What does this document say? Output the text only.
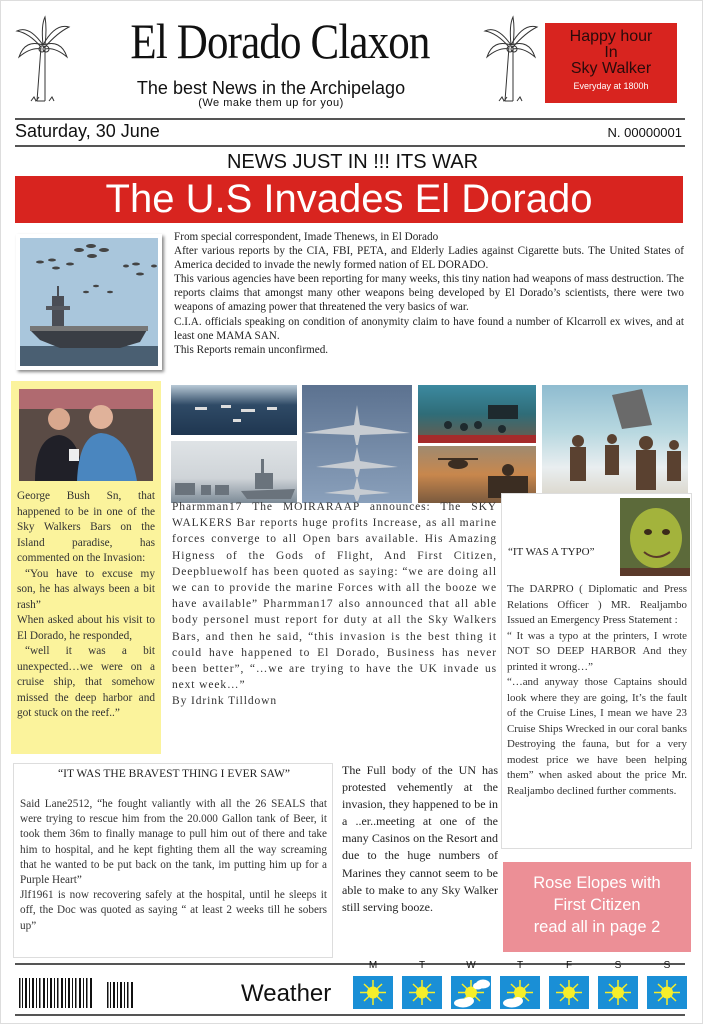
El Dorado Claxon
The best News in the Archipelago
(We make them up for you)
Happy hour
In
Sky Walker
Everyday at 1800h
Saturday, 30 June	N. 00000001
NEWS JUST IN !!! ITS WAR
The U.S Invades El Dorado

From special correspondent, Imade Thenews, in El Dorado

After various reports by the CIA, FBI, PETA, and Elderly Ladies against Cigarette buts. The United States of America decided to invade the newly formed nation of EL DORADO.

This various agencies have been reporting for many weeks, this tiny nation had weapons of mass destruction. The reports claims that amongst many other weapons being developed by El Dorado’s scientists, there were two weapons of amazing power that threatened the very basics of war.

C.I.A. officials speaking on condition of anonymity claim to have found a number of Klcarroll ex wives, and at least one MAMA SAN.

This Reports remain unconfirmed.

George Bush Sn, that happened to be in one of the Sky Walkers Bars on the Island paradise, has commented on the Invasion:

“You have to excuse my son, he has always been a bit rash”

When asked about his visit to El Dorado, he responded,

“well it was a bit unexpected…we were on a cruise ship, that somehow missed the deep harbor and got stuck on the reef..”

Pharmman17 The MOIRARAAP announces: The SKY WALKERS Bar reports huge profits Increase, as all marine forces converge to all Open bars available. His Amazing Higness of the Gods of Flight, And First Citizen, Deepbluewolf has been quoted as saying: “we are doing all we can to provide the marine Forces with all the booze we have available” Pharmman17 also announced that all able body personel must report for duty at all the Sky Walkers Bars, and then he said, “this invasion is the best thing it could have happened to El Dorado, Business has never been better”, “…we are trying to have the UK invade us next week…”
By Idrink Tilldown
“IT WAS A TYPO”

The DARPRO ( Diplomatic and Press Relations Officer ) MR. Realjambo Issued an Emergency Press Statement :

“ It was a typo at the printers, I wrote NOT SO DEEP HARBOR And they printed it wrong…”

“…and anyway those Captains should look where they are going, It’s the fault of the Cruise Lines, I mean we have 23 Cruise Ships Wrecked in our coral banks Destroying the fauna, but for a very modest price we have been helping them” when asked about the price Mr. Realjambo declined further comments.

“IT WAS THE BRAVEST THING I EVER SAW”

Said Lane2512, “he fought valiantly with all the 26 SEALS that were trying to rescue him from the 20.000 Gallon tank of Beer, it took them 36m to finally manage to pull him out of there and take him to hospital, and he kept fighting them all the way screaming that he wanted to be put back on the tank, im putting him up for a Purple Heart”

Jlf1961 is now recovering safely at the hospital, until he sleeps it off, the Doc was quoted as saying “ at least 2 weeks till he sobers up”

The Full body of the UN has protested vehemently at the invasion, they happened to be in a ..er..meeting at one of the many Casinos on the Resort and due to the huge numbers of Marines they cannot seem to be able to make to any Sky Walker still serving booze.
Rose Elopes with
First Citizen
read all in page 2
Weather
M	T	W	T	F	S	S
